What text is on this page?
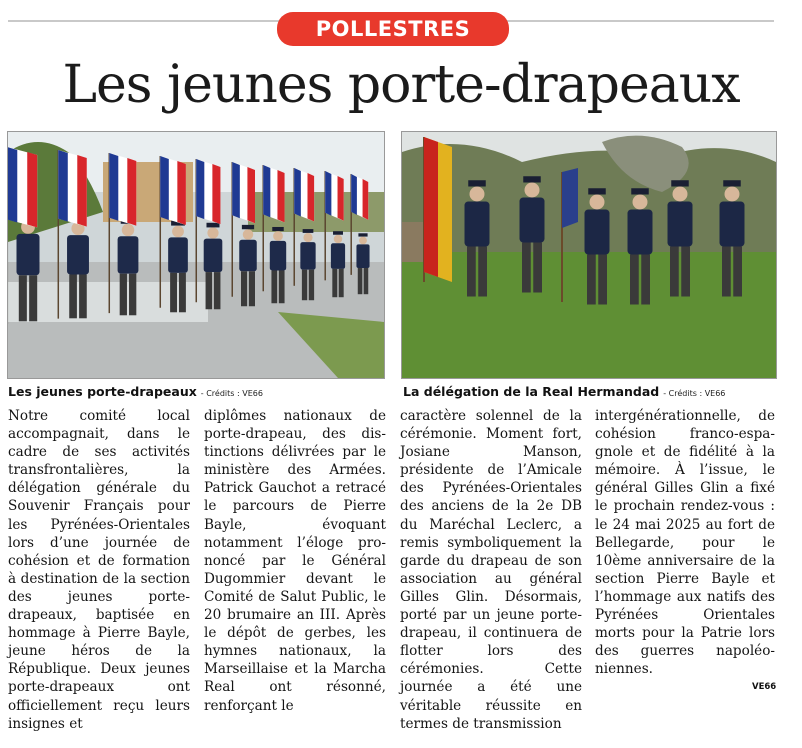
POLLESTRES
Les jeunes porte-drapeaux
Les jeunes porte-drapeaux - Crédits : VE66	La délégation de la Real Hermandad - Crédits : VE66
Notre comité local accompagnait, dans le cadre de ses activités transfrontalières, la délégation générale du Souvenir Français pour les Pyrénées-Orientales lors d’une journée de cohésion et de formation à destination de la section des jeunes porte-drapeaux, baptisée en hommage à Pierre Bayle, jeune héros de la République. Deux jeunes porte-drapeaux ont officiellement reçu leurs insignes et
diplômes nationaux de porte-drapeau, des distinctions délivrées par le ministère des Armées. Patrick Gauchot a retracé le parcours de Pierre Bayle, évoquant notamment l’éloge prononcé par le Général Dugommier devant le Comité de Salut Public, le 20 brumaire an III. Après le dépôt de gerbes, les hymnes nationaux, la Marseillaise et la Marcha Real ont résonné, renforçant le
caractère solennel de la cérémonie. Moment fort, Josiane Manson, présidente de l’Amicale des Pyrénées-Orientales des anciens de la 2e DB du Maréchal Leclerc, a remis symboliquement la garde du drapeau de son association au général Gilles Glin. Désormais, porté par un jeune porte-drapeau, il continuera de flotter lors des cérémonies. Cette journée a été une véritable réussite en termes de transmission
intergénérationnelle, de cohésion franco-espagnole et de fidélité à la mémoire. À l’issue, le général Gilles Glin a fixé le prochain rendez-vous : le 24 mai 2025 au fort de Bellegarde, pour le 10ème anniversaire de la section Pierre Bayle et l’hommage aux natifs des Pyrénées Orientales morts pour la Patrie lors des guerres napoléoniennes.
VE66
